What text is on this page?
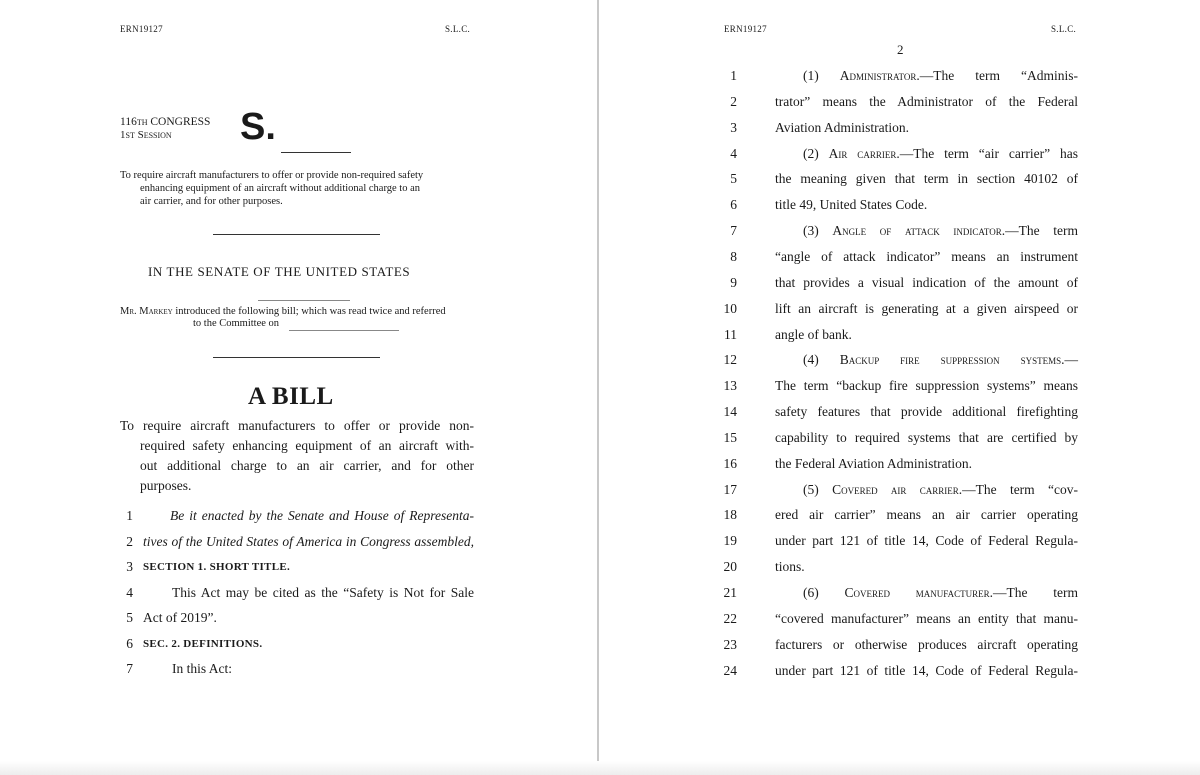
ERN19127	S.L.C.
116th CONGRESS
1st Session S.
To require aircraft manufacturers to offer or provide non-required safety
enhancing equipment of an aircraft without additional charge to an
air carrier, and for other purposes.
IN THE SENATE OF THE UNITED STATES
Mr. Markey introduced the following bill; which was read twice and referred
to the Committee on
A BILL
To require aircraft manufacturers to offer or provide non-
required safety enhancing equipment of an aircraft with-
out additional charge to an air carrier, and for other
purposes.
1	Be it enacted by the Senate and House of Representa-
2 tives of the United States of America in Congress assembled,
3 SECTION 1. SHORT TITLE.
4	This Act may be cited as the “Safety is Not for Sale
5 Act of 2019”.
6 SEC. 2. DEFINITIONS.
7	In this Act:
ERN19127	S.L.C.
2
1	(1) Administrator.—The term “Adminis-
2	trator” means the Administrator of the Federal
3	Aviation Administration.
4	(2) Air carrier.—The term “air carrier” has
5	the meaning given that term in section 40102 of
6	title 49, United States Code.
7	(3) Angle of attack indicator.—The term
8	“angle of attack indicator” means an instrument
9	that provides a visual indication of the amount of
10	lift an aircraft is generating at a given airspeed or
11	angle of bank.
12	(4) Backup fire suppression systems.—
13	The term “backup fire suppression systems” means
14	safety features that provide additional firefighting
15	capability to required systems that are certified by
16	the Federal Aviation Administration.
17	(5) Covered air carrier.—The term “cov-
18	ered air carrier” means an air carrier operating
19	under part 121 of title 14, Code of Federal Regula-
20	tions.
21	(6) Covered manufacturer.—The term
22	“covered manufacturer” means an entity that manu-
23	facturers or otherwise produces aircraft operating
24	under part 121 of title 14, Code of Federal Regula-
